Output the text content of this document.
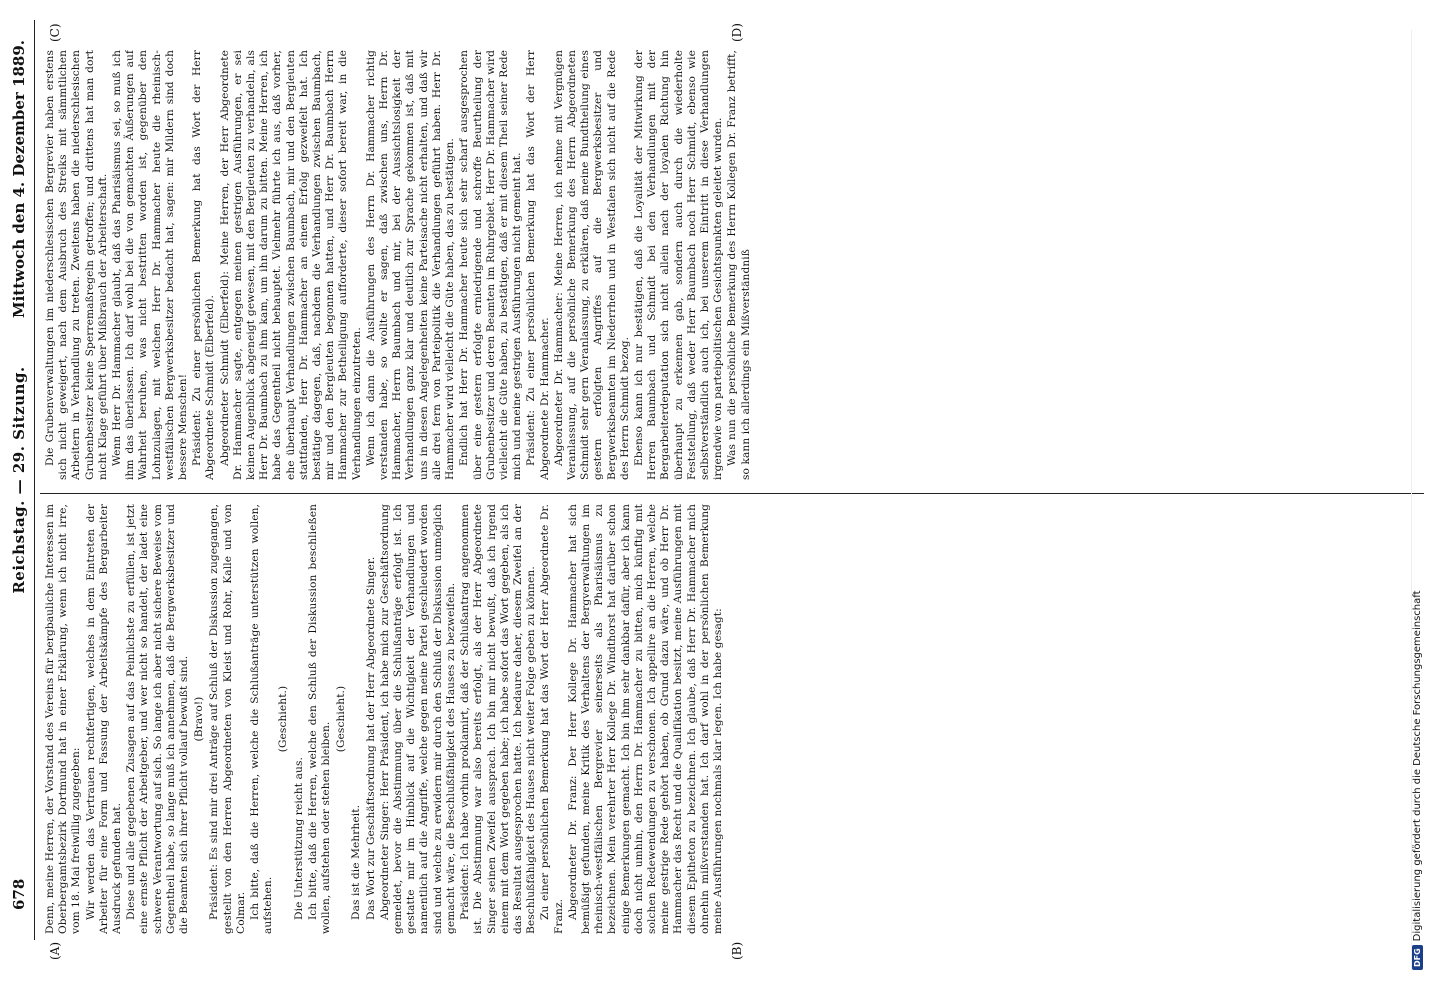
678
Reichstag. — 29. Sitzung.
Mittwoch den 4. Dezember 1889.
(A)	(B)
(C)	(D)

Denn, meine Herren, der Vorstand des Vereins für bergbauliche Interessen im Oberbergamtsbezirk Dortmund hat in einer Erklärung, wenn ich nicht irre, vom 18. Mai freiwillig zugegeben: Wir werden das Vertrauen rechtfertigen, welches in dem Eintreten der Arbeiter für eine Form und Fassung der Arbeitskämpfe des Bergarbeiter Ausdruck gefunden hat. Diese und alle gegebenen Zusagen auf das Peinlichste zu erfüllen, ist jetzt eine ernste Pflicht der Arbeitgeber, und wer nicht so handelt, der ladet eine schwere Verantwortung auf sich. So lange ich aber nicht sichere Beweise vom Gegentheil habe, so lange muß ich annehmen, daß die Bergwerksbesitzer und die Beamten sich ihrer Pflicht vollauf bewußt sind. (Bravo!) Präsident: Es sind mir drei Anträge auf Schluß der Diskussion zugegangen, gestellt von den Herren Abgeordneten von Kleist und Rohr, Kalle und von Colmar. Ich bitte, daß die Herren, welche die Schlußanträge unterstützen wollen, aufstehen.

(Geschieht.)

Die Unterstützung reicht aus. Ich bitte, daß die Herren, welche den Schluß der Diskussion beschließen wollen, aufstehen oder stehen bleiben.

(Geschieht.)

Das ist die Mehrheit. Das Wort zur Geschäftsordnung hat der Herr Abgeordnete Singer. Abgeordneter Singer: Herr Präsident, ich habe mich zur Geschäftsordnung gemeldet, bevor die Abstimmung über die Schlußanträge erfolgt ist. Ich gestatte mir im Hinblick auf die Wichtigkeit der Verhandlungen und namentlich auf die Angriffe, welche gegen meine Partei geschleudert worden sind und welche zu erwidern mir durch den Schluß der Diskussion unmöglich gemacht wäre, die Beschlußfähigkeit des Hauses zu bezweifeln. Präsident: Ich habe vorhin proklamirt, daß der Schlußantrag angenommen ist. Die Abstimmung war also bereits erfolgt, als der Herr Abgeordnete Singer seinen Zweifel aussprach. Ich bin mir nicht bewußt, daß ich irgend einem mit dem Wort gegeben habe; ich habe sofort das Wort gegeben, als ich das Resultat ausgesprochen hatte. Ich bedaure daher, diesem Zweifel an der Beschlußfähigkeit des Hauses nicht weiter Folge geben zu können. Zu einer persönlichen Bemerkung hat das Wort der Herr Abgeordnete Dr. Franz. Abgeordneter Dr. Franz: Der Herr Kollege Dr. Hammacher hat sich bemüßigt gefunden, meine Kritik des Verhaltens der Bergverwaltungen im rheinisch-westfälischen Bergrevier seinerseits als Pharisäismus zu bezeichnen. Mein verehrter Herr Kollege Dr. Windthorst hat darüber schon einige Bemerkungen gemacht. Ich bin ihm sehr dankbar dafür, aber ich kann doch nicht umhin, den Herrn Dr. Hammacher zu bitten, mich künftig mit solchen Redewendungen zu verschonen. Ich appellire an die Herren, welche meine gestrige Rede gehört haben, ob Grund dazu wäre, und ob Herr Dr. Hammacher das Recht und die Qualifikation besitzt, meine Ausführungen mit diesem Epitheton zu bezeichnen. Ich glaube, daß Herr Dr. Hammacher mich ohnehin mißverstanden hat. Ich darf wohl in der persönlichen Bemerkung meine Ausführungen nochmals klar legen. Ich habe gesagt:

Die Grubenverwaltungen im niederschlesischen Bergrevier haben erstens sich nicht geweigert, nach dem Ausbruch des Streiks mit sämmtlichen Arbeitern in Verhandlung zu treten. Zweitens haben die niederschlesischen Grubenbesitzer keine Sperremaßregeln getroffen; und drittens hat man dort nicht Klage geführt über Mißbrauch der Arbeiterschaft. Wenn Herr Dr. Hammacher glaubt, daß das Pharisäismus sei, so muß ich ihm das überlassen. Ich darf wohl bei die von gemachten Äußerungen auf Wahrheit beruhen, was nicht bestritten worden ist, gegenüber den Lohnzulagen, mit welchen Herr Dr. Hammacher heute die rheinisch-westfälischen Bergwerksbesitzer bedacht hat, sagen: mir Mildern sind doch bessere Menschen! Präsident: Zu einer persönlichen Bemerkung hat das Wort der Herr Abgeordnete Schmidt (Elberfeld). Abgeordneter Schmidt (Elberfeld): Meine Herren, der Herr Abgeordnete Dr. Hammacher sagte, entgegen meinen gestrigen Ausführungen, er sei keinen Augenblick abgeneigt gewesen, mit den Bergleuten zu verhandeln, als Herr Dr. Baumbach zu ihm kam, um ihn darum zu bitten. Meine Herren, ich habe das Gegentheil nicht behauptet. Vielmehr führte ich aus, daß vorher, ehe überhaupt Verhandlungen zwischen Baumbach, mir und den Bergleuten stattfanden, Herr Dr. Hammacher an einem Erfolg gezweifelt hat. Ich bestätige dagegen, daß, nachdem die Verhandlungen zwischen Baumbach, mir und den Bergleuten begonnen hatten, und Herr Dr. Baumbach Herrn Hammacher zur Betheiligung aufforderte, dieser sofort bereit war, in die Verhandlungen einzutreten. Wenn ich dann die Ausführungen des Herrn Dr. Hammacher richtig verstanden habe, so wollte er sagen, daß zwischen uns, Herrn Dr. Hammacher, Herrn Baumbach und mir, bei der Aussichtslosigkeit der Verhandlungen ganz klar und deutlich zur Sprache gekommen ist, daß mit uns in diesen Angelegenheiten keine Parteisache nicht erhalten, und daß wir alle drei fern von Parteipolitik die Verhandlungen geführt haben. Herr Dr. Hammacher wird vielleicht die Güte haben, das zu bestätigen. Endlich hat Herr Dr. Hammacher heute sich sehr scharf ausgesprochen über eine gestern erfolgte erniedrigende und schroffe Beurtheilung der Grubenbesitzer und deren Beamten im Ruhrgebiet. Herr Dr. Hammacher wird vielleicht die Güte haben, zu bestätigen, daß er mit diesem Theil seiner Rede mich und meine gestrigen Ausführungen nicht gemeint hat. Präsident: Zu einer persönlichen Bemerkung hat das Wort der Herr Abgeordnete Dr. Hammacher. Abgeordneter Dr. Hammacher: Meine Herren, ich nehme mit Vergnügen Veranlassung, auf die persönliche Bemerkung des Herrn Abgeordneten Schmidt sehr gern Veranlassung, zu erklären, daß meine Bundtheilung eines gestern erfolgten Angriffes auf die Bergwerksbesitzer und Bergwerksbeamten im Niederrhein und in Westfalen sich nicht auf die Rede des Herrn Schmidt bezog. Ebenso kann ich nur bestätigen, daß die Loyalität der Mitwirkung der Herren Baumbach und Schmidt bei den Verhandlungen mit der Bergarbeiterdeputation sich nicht allein nach der loyalen Richtung hin überhaupt zu erkennen gab, sondern auch durch die wiederholte Feststellung, daß weder Herr Baumbach noch Herr Schmidt, ebenso wie selbstverständlich auch ich, bei unserem Eintritt in diese Verhandlungen irgendwie von parteipolitischen Gesichtspunkten geleitet wurden. Was nun die persönliche Bemerkung des Herrn Kollegen Dr. Franz betrifft, so kann ich allerdings ein Mißverständniß

DFGDigitalisierung gefördert durch die Deutsche Forschungsgemeinschaft
